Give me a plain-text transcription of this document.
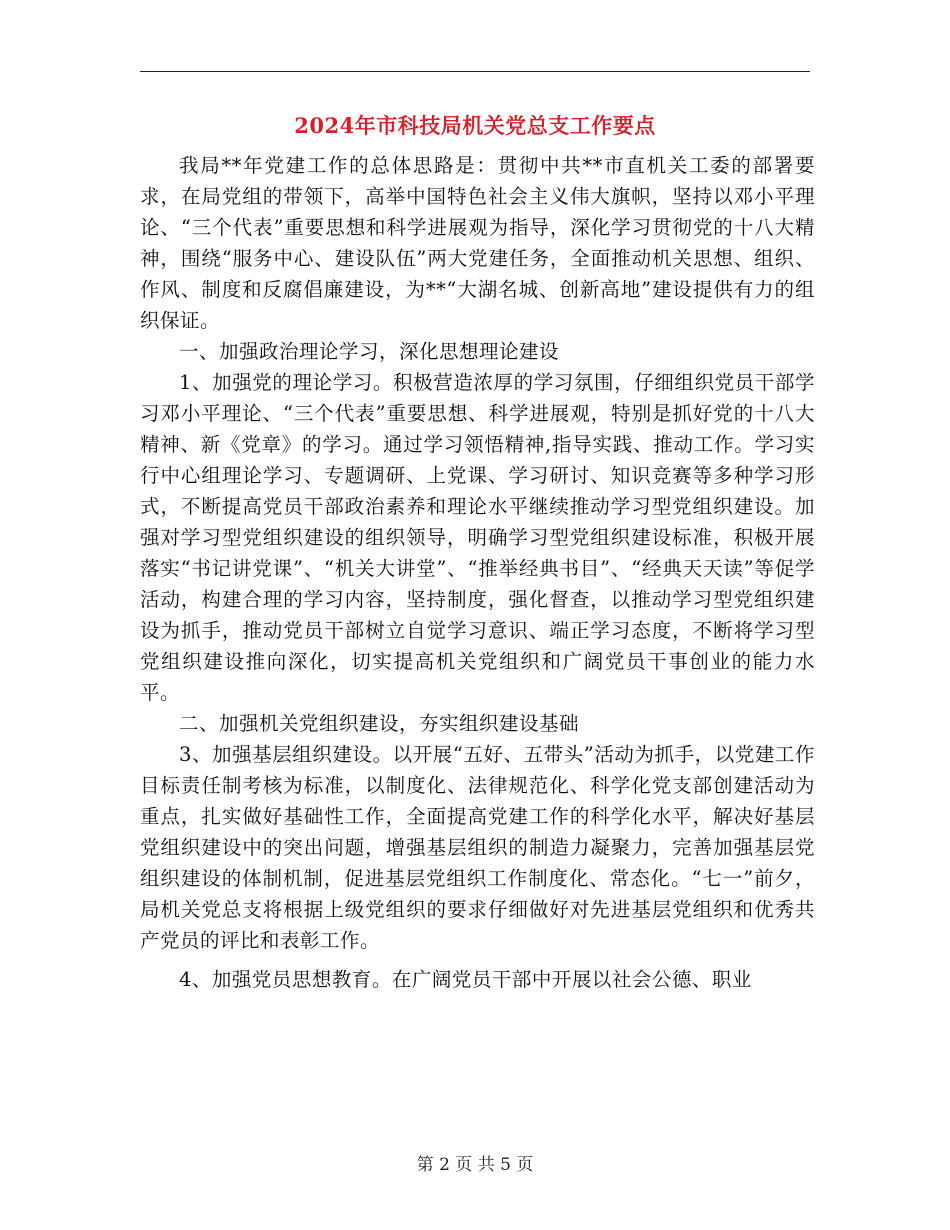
2024年市科技局机关党总支工作要点

我局**年党建工作的总体思路是：贯彻中共**市直机关工委的部署要求，在局党组的带领下，高举中国特色社会主义伟大旗帜，坚持以邓小平理论、“三个代表”重要思想和科学进展观为指导，深化学习贯彻党的十八大精神，围绕“服务中心、建设队伍”两大党建任务，全面推动机关思想、组织、作风、制度和反腐倡廉建设，为**“大湖名城、创新高地”建设提供有力的组织保证。

一、加强政治理论学习，深化思想理论建设

1、加强党的理论学习。积极营造浓厚的学习氛围，仔细组织党员干部学习邓小平理论、“三个代表”重要思想、科学进展观，特别是抓好党的十八大精神、新《党章》的学习。通过学习领悟精神,指导实践、推动工作。学习实行中心组理论学习、专题调研、上党课、学习研讨、知识竞赛等多种学习形式，不断提高党员干部政治素养和理论水平继续推动学习型党组织建设。加强对学习型党组织建设的组织领导，明确学习型党组织建设标准，积极开展落实“书记讲党课”、“机关大讲堂”、“推举经典书目”、“经典天天读”等促学活动，构建合理的学习内容，坚持制度，强化督查，以推动学习型党组织建设为抓手，推动党员干部树立自觉学习意识、端正学习态度，不断将学习型党组织建设推向深化，切实提高机关党组织和广阔党员干事创业的能力水平。

二、加强机关党组织建设，夯实组织建设基础

3、加强基层组织建设。以开展“五好、五带头”活动为抓手，以党建工作目标责任制考核为标准，以制度化、法律规范化、科学化党支部创建活动为重点，扎实做好基础性工作，全面提高党建工作的科学化水平，解决好基层党组织建设中的突出问题，增强基层组织的制造力凝聚力，完善加强基层党组织建设的体制机制，促进基层党组织工作制度化、常态化。“七一”前夕，局机关党总支将根据上级党组织的要求仔细做好对先进基层党组织和优秀共产党员的评比和表彰工作。

4、加强党员思想教育。在广阔党员干部中开展以社会公德、职业

第 2 页 共 5 页
